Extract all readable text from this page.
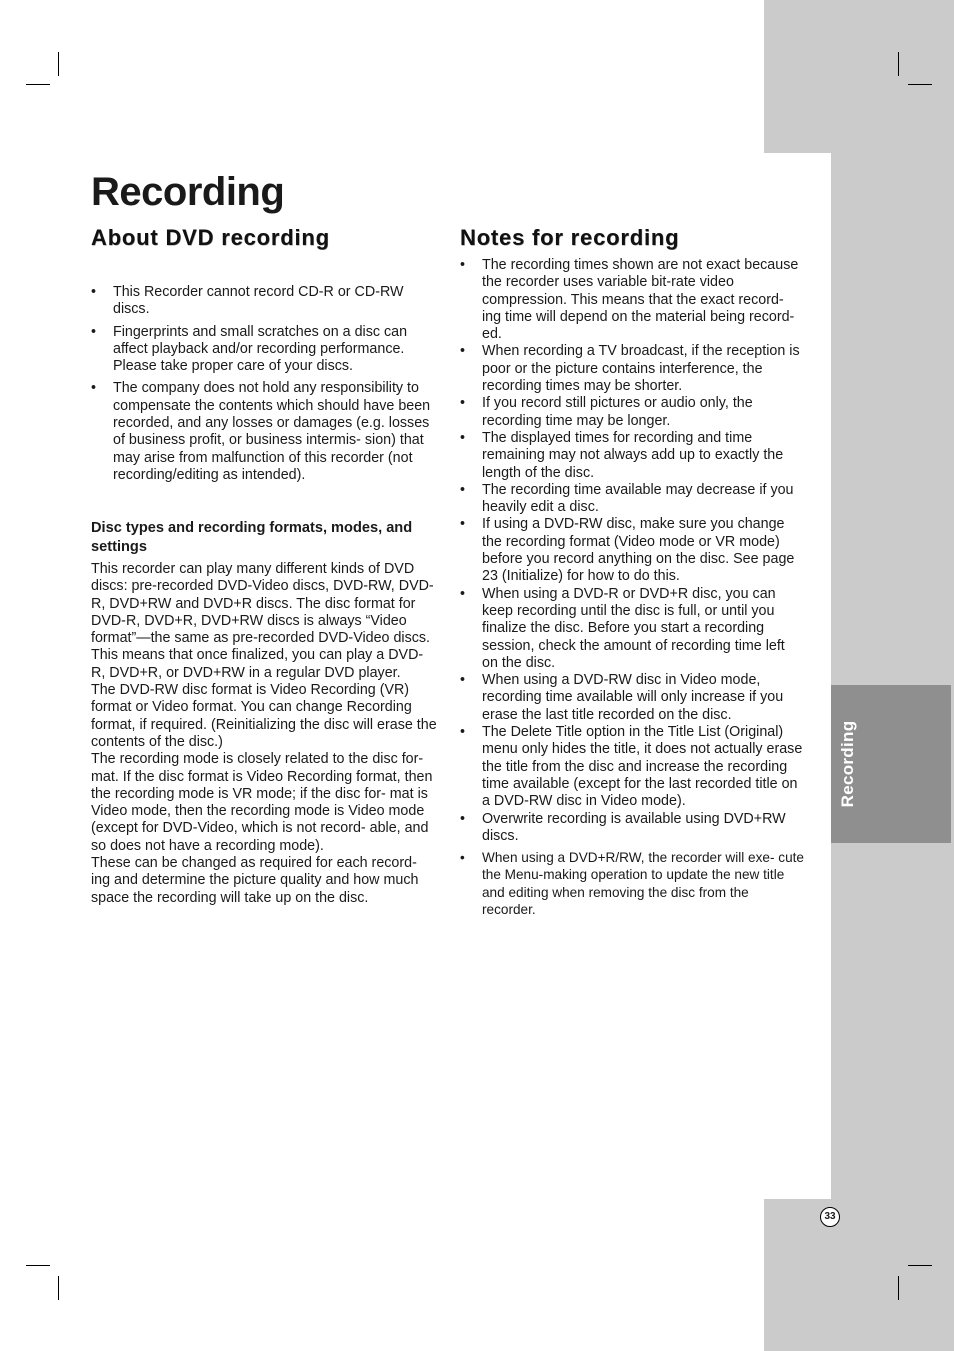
Recording
33
Recording
About DVD recording
• This Recorder cannot record CD-R or CD-RW discs.
• Fingerprints and small scratches on a disc can affect playback and/or recording performance. Please take proper care of your discs.
• The company does not hold any responsibility to compensate the contents which should have been recorded, and any losses or damages (e.g. losses of business profit, or business intermis- sion) that may arise from malfunction of this recorder (not recording/editing as intended).
Disc types and recording formats, modes, and settings

This recorder can play many different kinds of DVD discs: pre-recorded DVD-Video discs, DVD-RW, DVD-R, DVD+RW and DVD+R discs. The disc format for DVD-R, DVD+R, DVD+RW discs is always “Video format”—the same as pre-recorded DVD-Video discs. This means that once finalized, you can play a DVD- R, DVD+R, or DVD+RW in a regular DVD player.

The DVD-RW disc format is Video Recording (VR) format or Video format. You can change Recording format, if required. (Reinitializing the disc will erase the contents of the disc.)

The recording mode is closely related to the disc for- mat. If the disc format is Video Recording format, then the recording mode is VR mode; if the disc for- mat is Video mode, then the recording mode is Video mode (except for DVD-Video, which is not record- able, and so does not have a recording mode).

These can be changed as required for each record- ing and determine the picture quality and how much space the recording will take up on the disc.

Notes for recording
• The recording times shown are not exact because the recorder uses variable bit-rate video compression. This means that the exact record- ing time will depend on the material being record- ed.
• When recording a TV broadcast, if the reception is poor or the picture contains interference, the recording times may be shorter.
• If you record still pictures or audio only, the recording time may be longer.
• The displayed times for recording and time remaining may not always add up to exactly the length of the disc.
• The recording time available may decrease if you heavily edit a disc.
• If using a DVD-RW disc, make sure you change the recording format (Video mode or VR mode) before you record anything on the disc. See page 23 (Initialize) for how to do this.
• When using a DVD-R or DVD+R disc, you can keep recording until the disc is full, or until you finalize the disc. Before you start a recording session, check the amount of recording time left on the disc.
• When using a DVD-RW disc in Video mode, recording time available will only increase if you erase the last title recorded on the disc.
• The Delete Title option in the Title List (Original) menu only hides the title, it does not actually erase the title from the disc and increase the recording time available (except for the last recorded title on a DVD-RW disc in Video mode).
• Overwrite recording is available using DVD+RW discs.
• When using a DVD+R/RW, the recorder will exe- cute the Menu-making operation to update the new title and editing when removing the disc from the recorder.
